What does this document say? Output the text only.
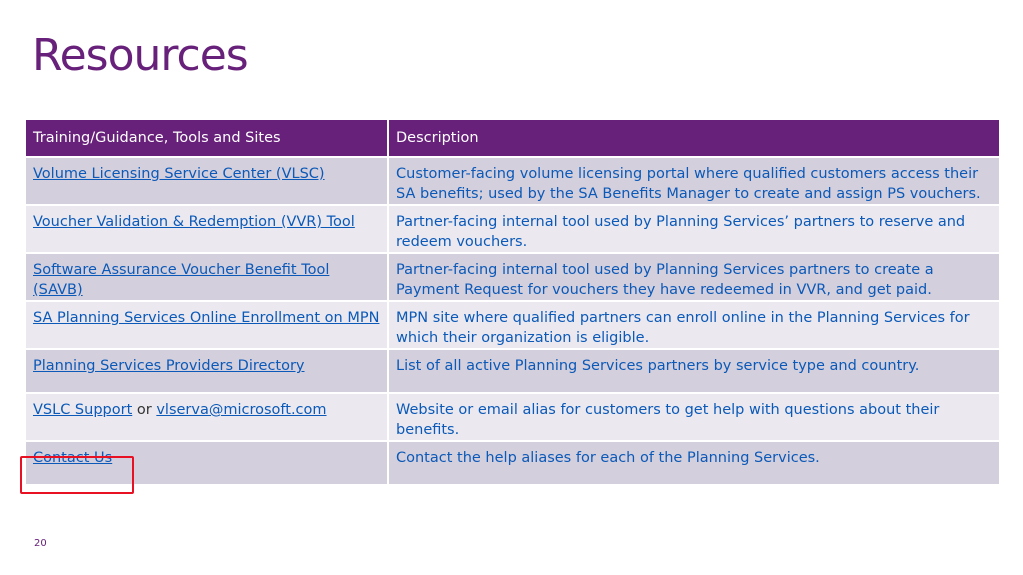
Resources
Training/Guidance, Tools and Sites	Description
Volume Licensing Service Center (VLSC)	Customer-facing volume licensing portal where qualified customers access their SA benefits; used by the SA Benefits Manager to create and assign PS vouchers.
Voucher Validation & Redemption (VVR) Tool	Partner-facing internal tool used by Planning Services’ partners to reserve and redeem vouchers.
Software Assurance Voucher Benefit Tool (SAVB)	Partner-facing internal tool used by Planning Services partners to create a Payment Request for vouchers they have redeemed in VVR, and get paid.
SA Planning Services Online Enrollment on MPN	MPN site where qualified partners can enroll online in the Planning Services for which their organization is eligible.
Planning Services Providers Directory	List of all active Planning Services partners by service type and country.
VSLC Support or vlserva@microsoft.com	Website or email alias for customers to get help with questions about their benefits.
Contact Us	Contact the help aliases for each of the Planning Services.
20
